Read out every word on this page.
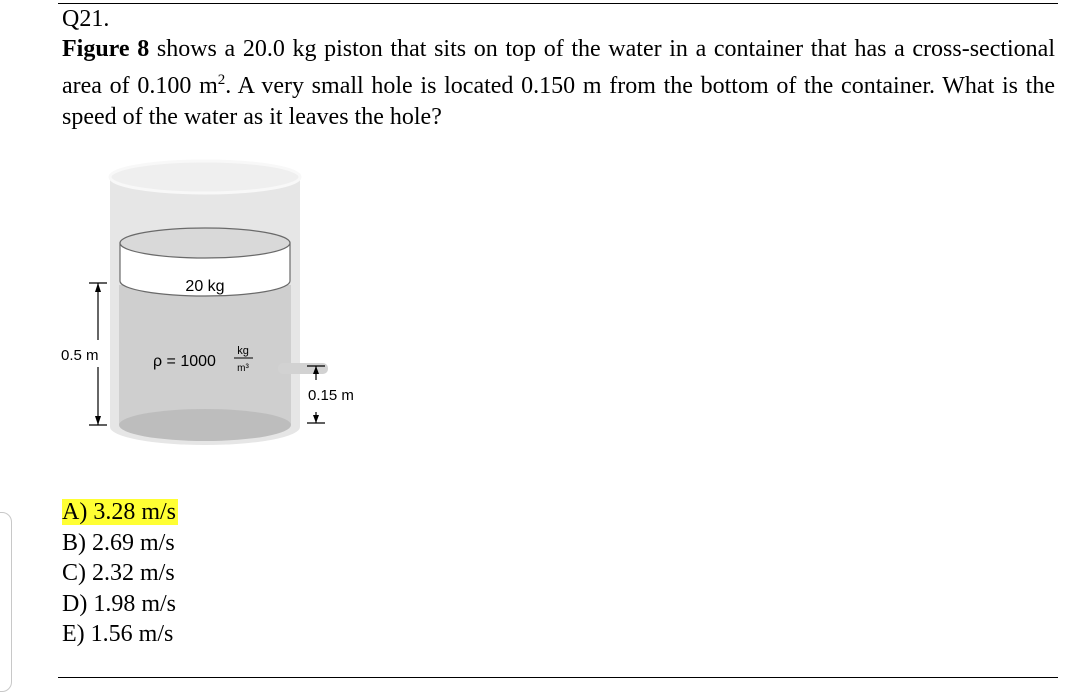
Q21.
Figure 8 shows a 20.0 kg piston that sits on top of the water in a container that has a cross-sectional area of 0.100 $m^2$. A very small hole is located 0.150 m from the bottom of the container. What is the speed of the water as it leaves the hole?
20 kg
0.5 m	ρ = 1000
kg
m³
0.15 m
A) 3.28 m/s
B) 2.69 m/s
C) 2.32 m/s
D) 1.98 m/s
E) 1.56 m/s
